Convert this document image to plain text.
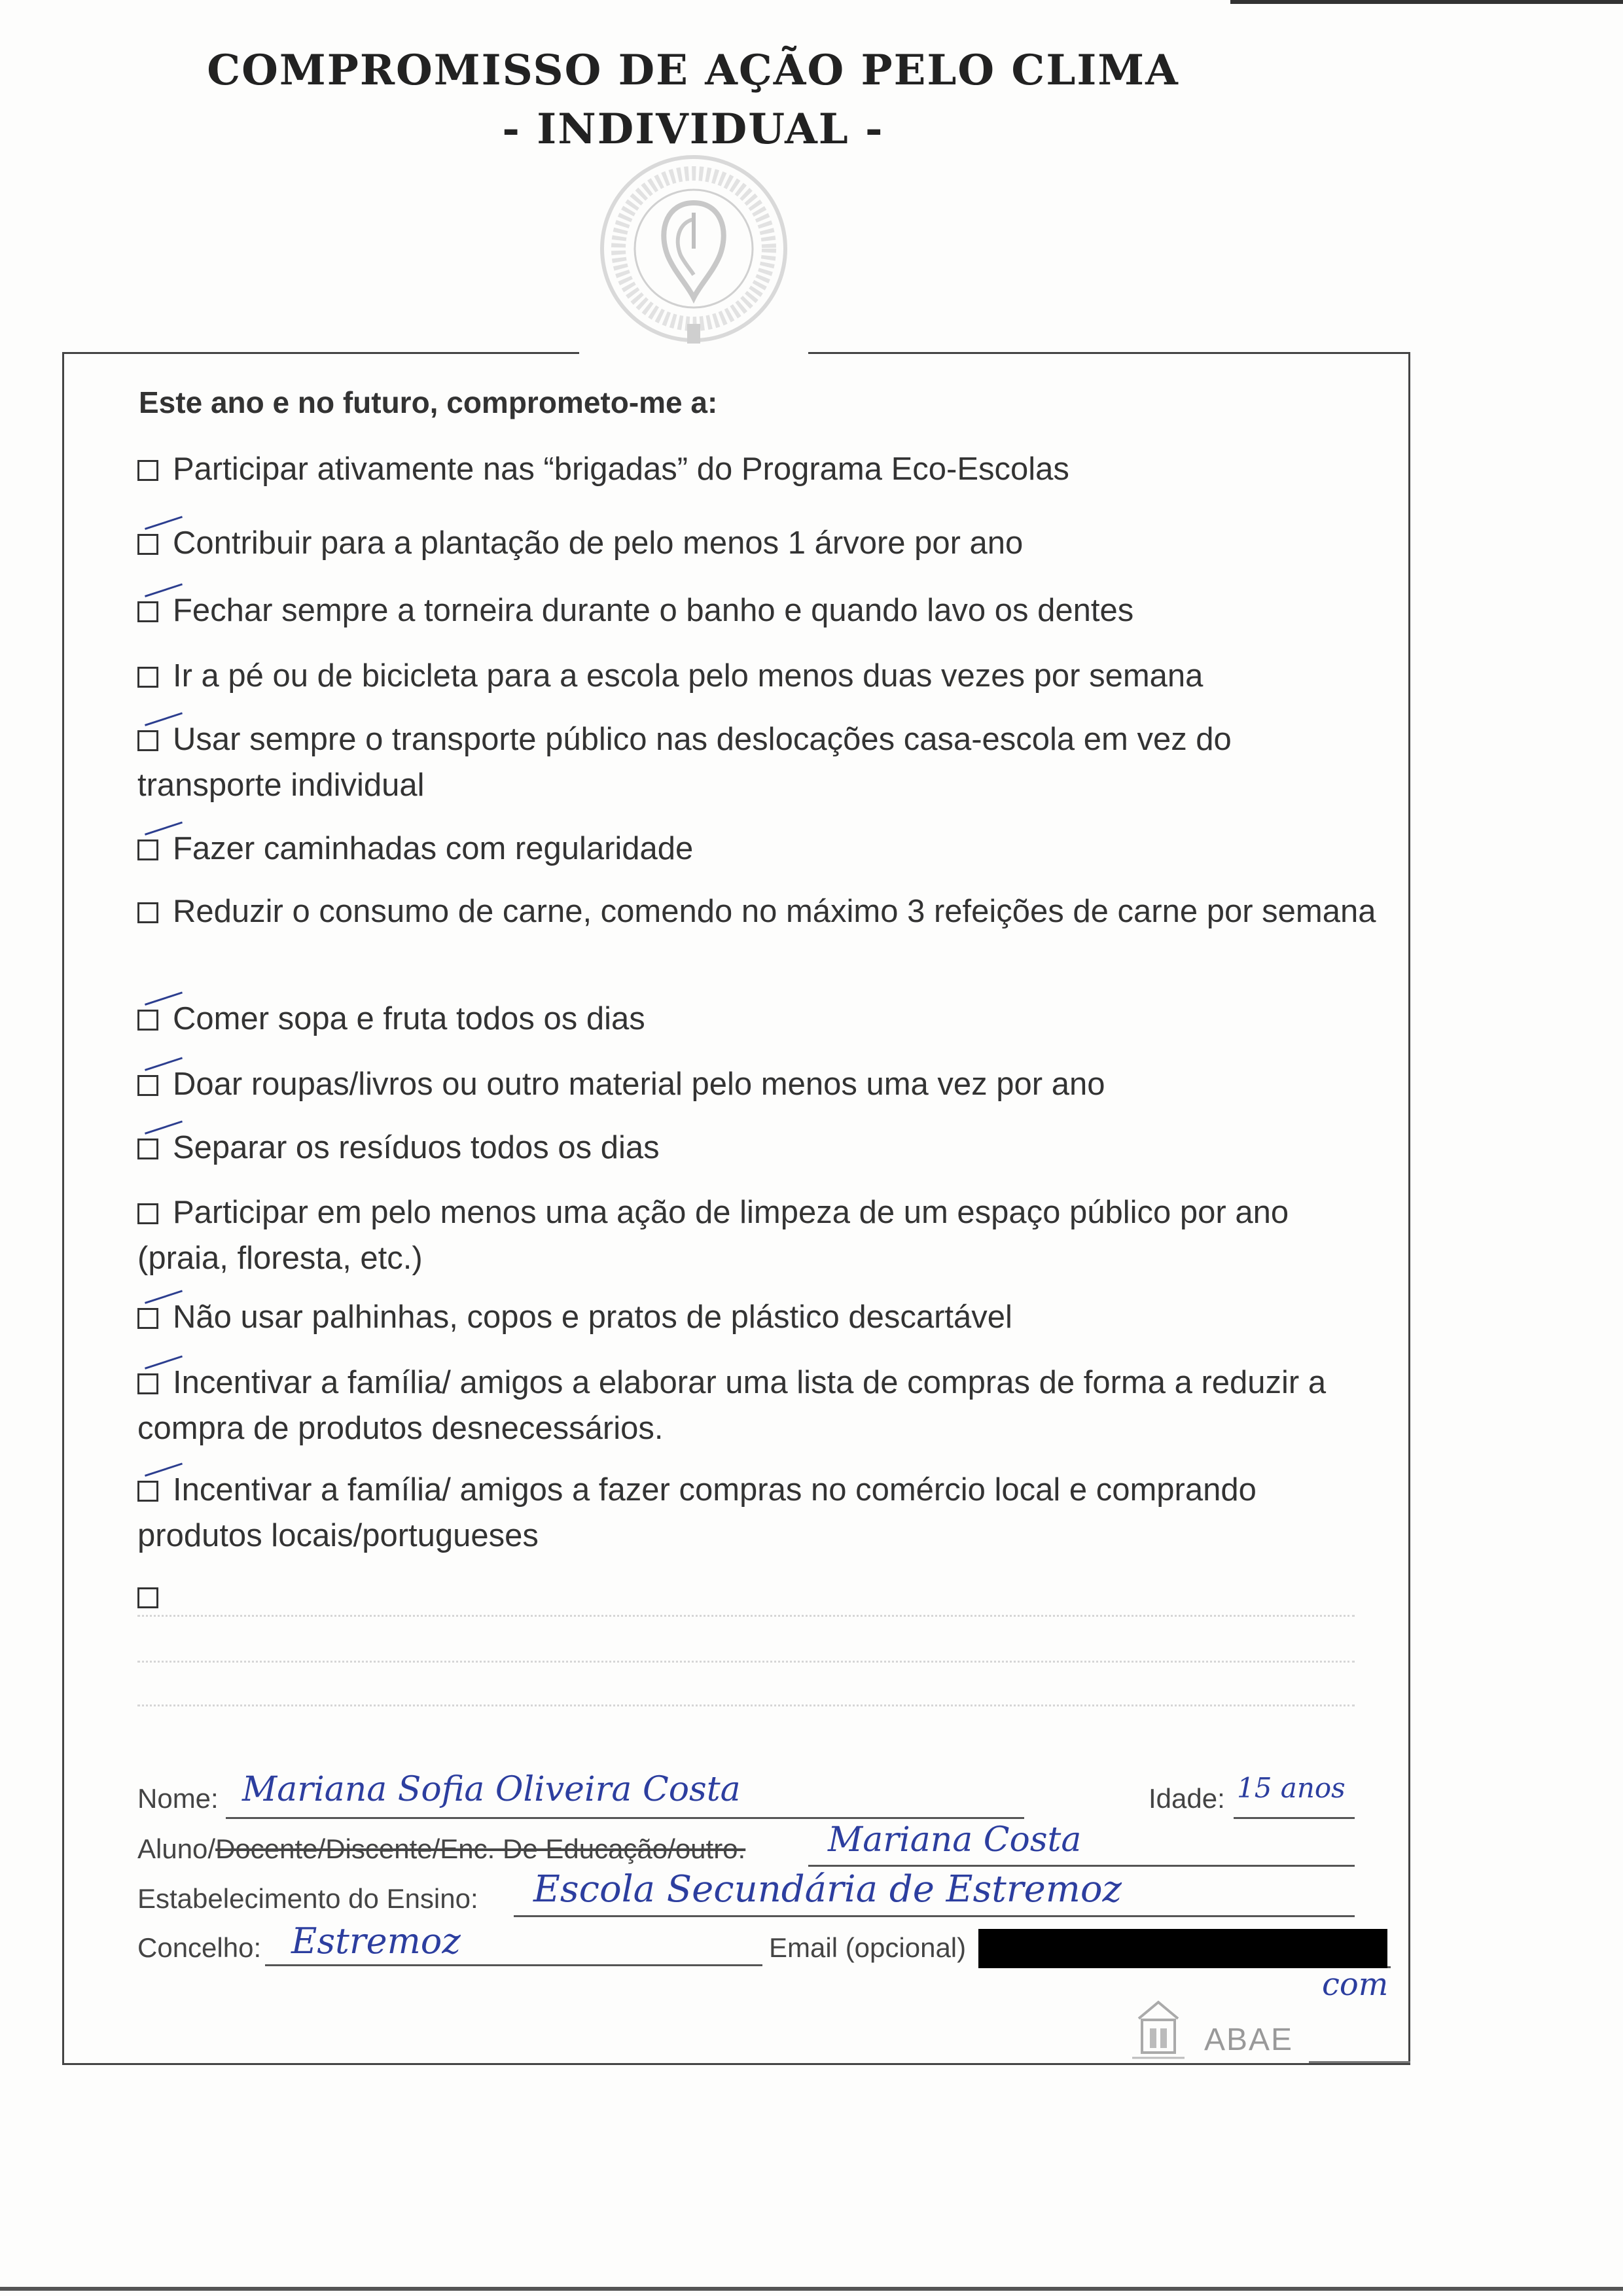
COMPROMISSO DE AÇÃO PELO CLIMA
- INDIVIDUAL -
Este ano e no futuro, comprometo-me a:
Participar ativamente nas “brigadas” do Programa Eco-Escolas
Contribuir para a plantação de pelo menos 1 árvore por ano
Fechar sempre a torneira durante o banho e quando lavo os dentes
Ir a pé ou de bicicleta para a escola pelo menos duas vezes por semana
Usar sempre o transporte público nas deslocações casa-escola em vez do transporte individual
Fazer caminhadas com regularidade
Reduzir o consumo de carne, comendo no máximo 3 refeições de carne por semana
Comer sopa e fruta todos os dias
Doar roupas/livros ou outro material pelo menos uma vez por ano
Separar os resíduos todos os dias
Participar em pelo menos uma ação de limpeza de um espaço público por ano (praia, floresta, etc.)
Não usar palhinhas, copos e pratos de plástico descartável
Incentivar a família/ amigos a elaborar uma lista de compras de forma a reduzir a compra de produtos desnecessários.
Incentivar a família/ amigos a fazer compras no comércio local e comprando produtos locais/portugueses
Nome: Mariana Sofia Oliveira Costa	Idade: 15 anos
Aluno/Docente/Discente/Enc. De Educação/outro. Mariana Costa
Estabelecimento do Ensino: Escola Secundária de Estremoz
Concelho: Estremoz	Email (opcional)
com
ABAE
